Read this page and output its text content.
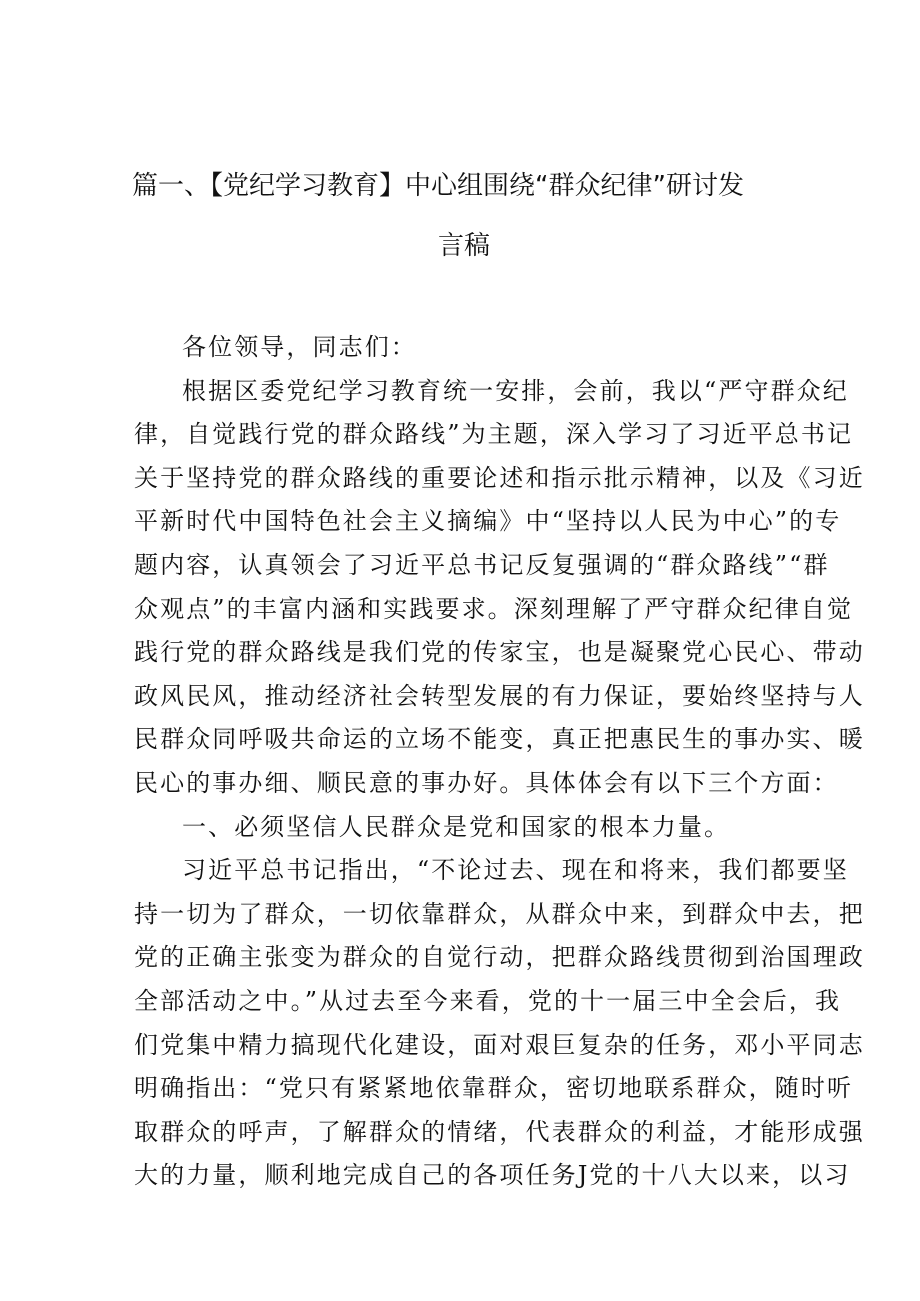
篇一、【党纪学习教育】中心组围绕“群众纪律”研讨发
言稿
各位领导，同志们：
根据区委党纪学习教育统一安排，会前，我以“严守群众纪
律，自觉践行党的群众路线”为主题，深入学习了习近平总书记
关于坚持党的群众路线的重要论述和指示批示精神，以及《习近
平新时代中国特色社会主义摘编》中“坚持以人民为中心”的专
题内容，认真领会了习近平总书记反复强调的“群众路线”“群
众观点”的丰富内涵和实践要求。深刻理解了严守群众纪律自觉
践行党的群众路线是我们党的传家宝，也是凝聚党心民心、带动
政风民风，推动经济社会转型发展的有力保证，要始终坚持与人
民群众同呼吸共命运的立场不能变，真正把惠民生的事办实、暖
民心的事办细、顺民意的事办好。具体体会有以下三个方面：
一、必须坚信人民群众是党和国家的根本力量。
习近平总书记指出，“不论过去、现在和将来，我们都要坚
持一切为了群众，一切依靠群众，从群众中来，到群众中去，把
党的正确主张变为群众的自觉行动，把群众路线贯彻到治国理政
全部活动之中。”从过去至今来看，党的十一届三中全会后，我
们党集中精力搞现代化建设，面对艰巨复杂的任务，邓小平同志
明确指出：“党只有紧紧地依靠群众，密切地联系群众，随时听
取群众的呼声，了解群众的情绪，代表群众的利益，才能形成强
大的力量，顺利地完成自己的各项任务J党的十八大以来，以习
